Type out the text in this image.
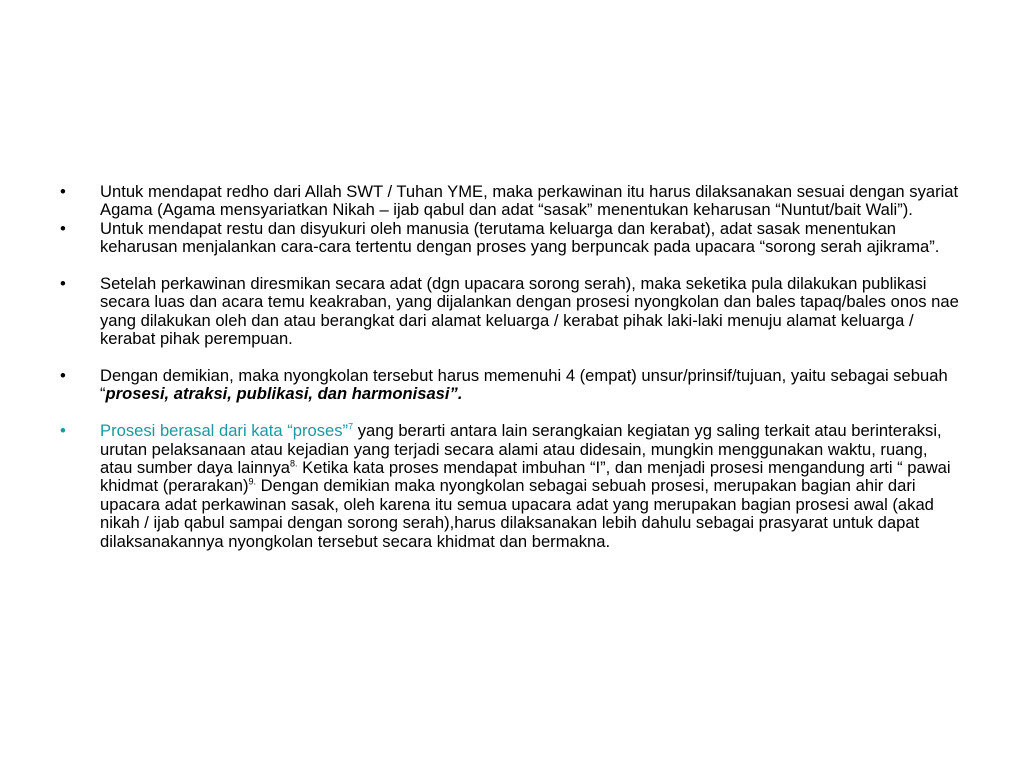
•	Untuk mendapat redho dari Allah SWT / Tuhan YME, maka perkawinan itu harus dilaksanakan sesuai dengan syariat Agama (Agama mensyariatkan Nikah – ijab qabul dan adat “sasak” menentukan keharusan “Nuntut/bait Wali”).
•	Untuk mendapat restu dan disyukuri oleh manusia (terutama keluarga dan kerabat), adat sasak menentukan keharusan menjalankan cara-cara tertentu dengan proses yang berpuncak pada upacara “sorong serah ajikrama”.
•	Setelah perkawinan diresmikan secara adat (dgn upacara sorong serah), maka seketika pula dilakukan publikasi secara luas dan acara temu keakraban, yang dijalankan dengan prosesi nyongkolan dan bales tapaq/bales onos nae yang dilakukan oleh dan atau berangkat dari alamat keluarga / kerabat pihak laki-laki menuju alamat keluarga / kerabat pihak perempuan.
•	Dengan demikian, maka nyongkolan tersebut harus memenuhi 4 (empat) unsur/prinsif/tujuan, yaitu sebagai sebuah “prosesi, atraksi, publikasi, dan harmonisasi”.
•	Prosesi berasal dari kata “proses”$^7$ yang berarti antara lain serangkaian kegiatan yg saling terkait atau berinteraksi, urutan pelaksanaan atau kejadian yang terjadi secara alami atau didesain, mungkin menggunakan waktu, ruang, atau sumber daya lainnya$^{8.}$ Ketika kata proses mendapat imbuhan “I”, dan menjadi prosesi mengandung arti “ pawai khidmat (perarakan)$^{9.}$ Dengan demikian maka nyongkolan sebagai sebuah prosesi, merupakan bagian ahir dari upacara adat perkawinan sasak, oleh karena itu semua upacara adat yang merupakan bagian prosesi awal (akad nikah / ijab qabul sampai dengan sorong serah),harus dilaksanakan lebih dahulu sebagai prasyarat untuk dapat dilaksanakannya nyongkolan tersebut secara khidmat dan bermakna.
